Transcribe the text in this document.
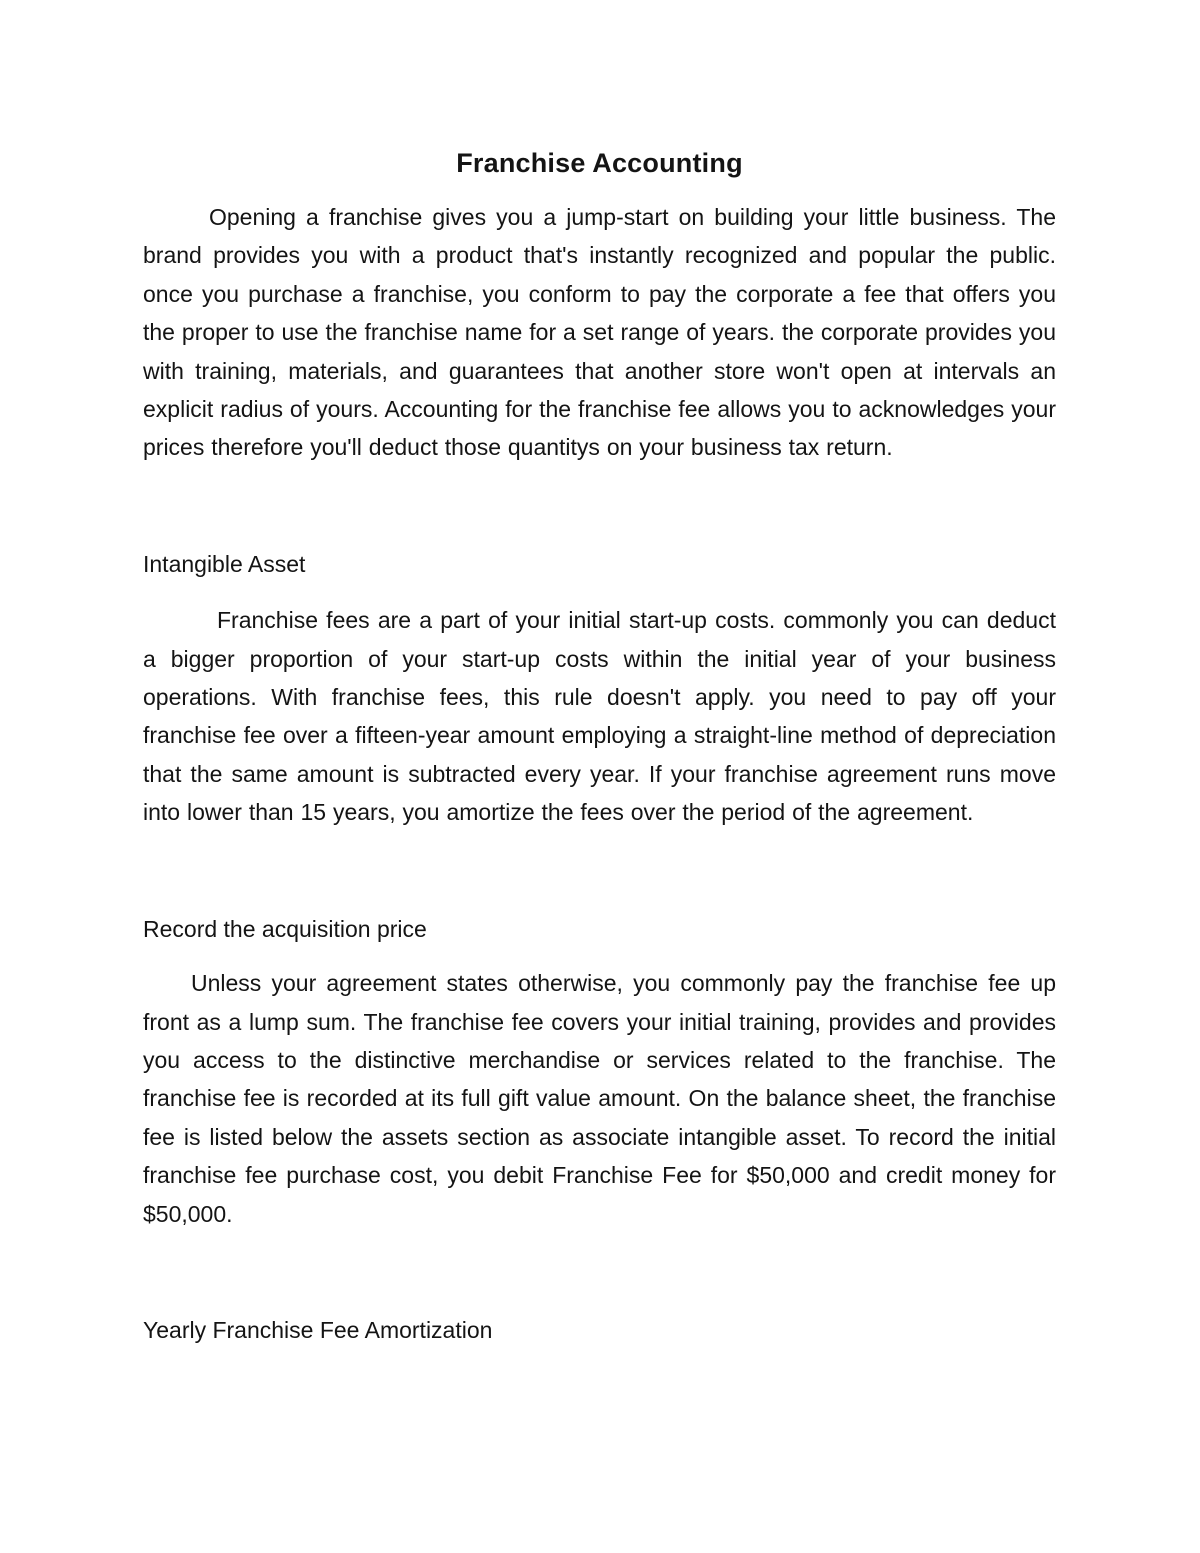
Franchise Accounting

Opening a franchise gives you a jump-start on building your little business. The brand provides you with a product that's instantly recognized and popular the public. once you purchase a franchise, you conform to pay the corporate a fee that offers you the proper to use the franchise name for a set range of years. the corporate provides you with training, materials, and guarantees that another store won't open at intervals an explicit radius of yours. Accounting for the franchise fee allows you to acknowledges your prices therefore you'll deduct those quantitys on your business tax return.

Intangible Asset

Franchise fees are a part of your initial start-up costs. commonly you can deduct a bigger proportion of your start-up costs within the initial year of your business operations. With franchise fees, this rule doesn't apply. you need to pay off your franchise fee over a fifteen-year amount employing a straight-line method of depreciation that the same amount is subtracted every year. If your franchise agreement runs move into lower than 15 years, you amortize the fees over the period of the agreement.

Record the acquisition price

Unless your agreement states otherwise, you commonly pay the franchise fee up front as a lump sum. The franchise fee covers your initial training, provides and provides you access to the distinctive merchandise or services related to the franchise. The franchise fee is recorded at its full gift value amount. On the balance sheet, the franchise fee is listed below the assets section as associate intangible asset. To record the initial franchise fee purchase cost, you debit Franchise Fee for $50,000 and credit money for $50,000.

Yearly Franchise Fee Amortization
